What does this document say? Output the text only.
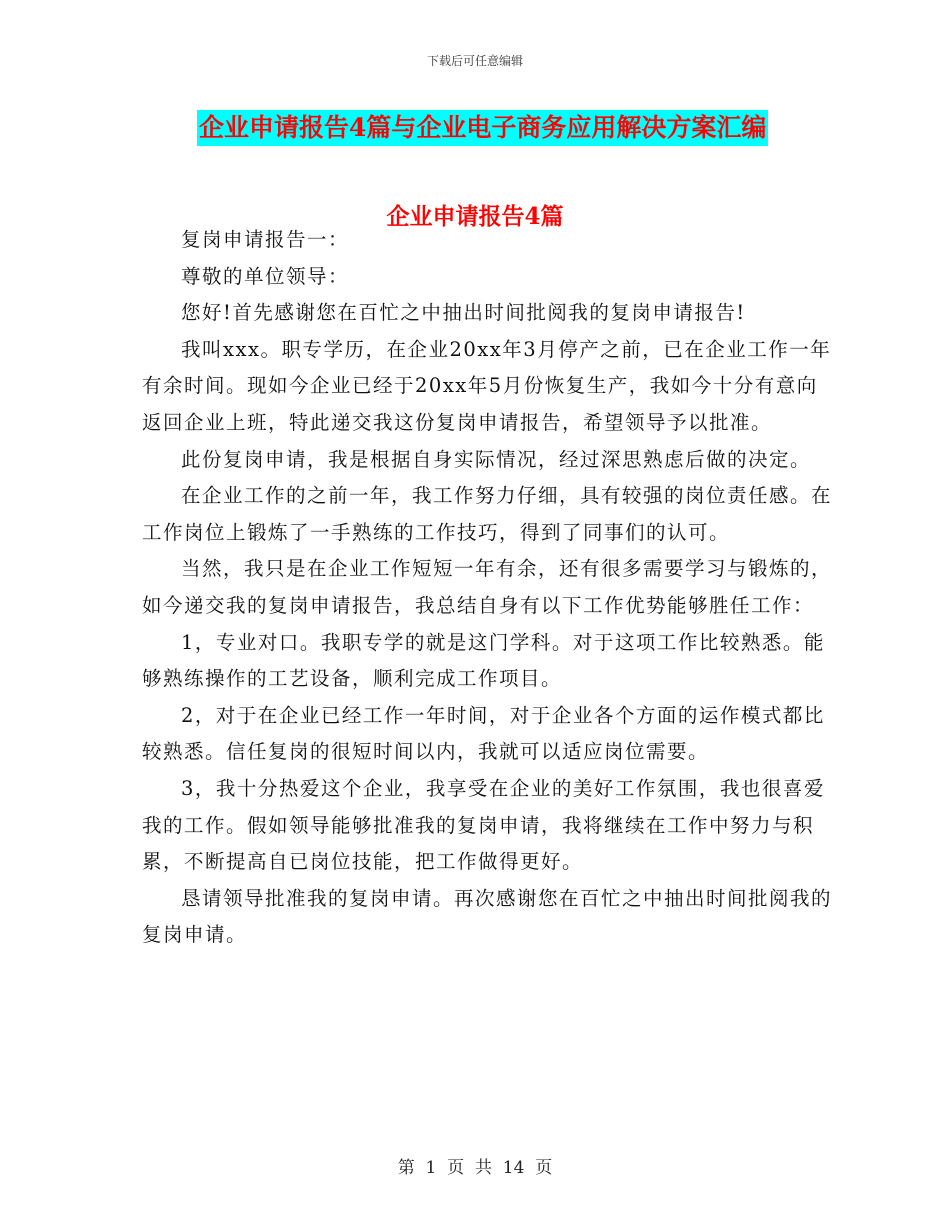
下载后可任意编辑
企业申请报告4篇与企业电子商务应用解决方案汇编
企业申请报告4篇

复岗申请报告一：

尊敬的单位领导：

您好!首先感谢您在百忙之中抽出时间批阅我的复岗申请报告!

我叫xxx。职专学历，在企业20xx年3月停产之前，已在企业工作一年有余时间。现如今企业已经于20xx年5月份恢复生产，我如今十分有意向返回企业上班，特此递交我这份复岗申请报告，希望领导予以批准。

此份复岗申请，我是根据自身实际情况，经过深思熟虑后做的决定。

在企业工作的之前一年，我工作努力仔细，具有较强的岗位责任感。在工作岗位上锻炼了一手熟练的工作技巧，得到了同事们的认可。

当然，我只是在企业工作短短一年有余，还有很多需要学习与锻炼的，如今递交我的复岗申请报告，我总结自身有以下工作优势能够胜任工作：

1，专业对口。我职专学的就是这门学科。对于这项工作比较熟悉。能够熟练操作的工艺设备，顺利完成工作项目。

2，对于在企业已经工作一年时间，对于企业各个方面的运作模式都比较熟悉。信任复岗的很短时间以内，我就可以适应岗位需要。

3，我十分热爱这个企业，我享受在企业的美好工作氛围，我也很喜爱我的工作。假如领导能够批准我的复岗申请，我将继续在工作中努力与积累，不断提高自已岗位技能，把工作做得更好。

恳请领导批准我的复岗申请。再次感谢您在百忙之中抽出时间批阅我的复岗申请。

第  1  页  共  14  页
